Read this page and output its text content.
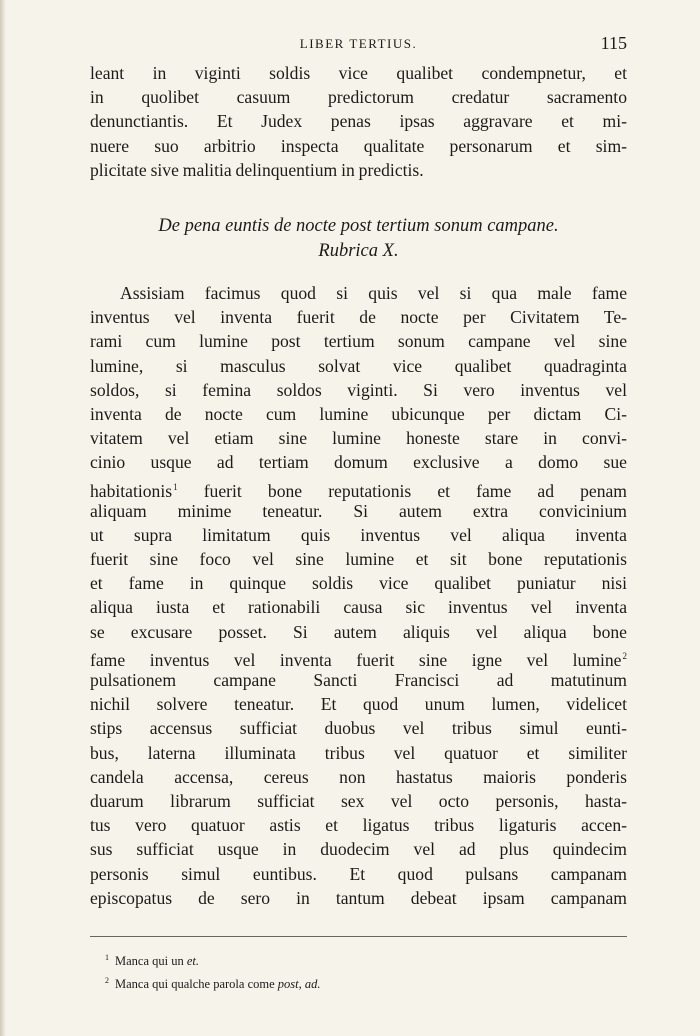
LIBER TERTIUS.	115
leant in viginti soldis vice qualibet condempnetur, et
in quolibet casuum predictorum credatur sacramento
denunctiantis. Et Judex penas ipsas aggravare et mi-
nuere suo arbitrio inspecta qualitate personarum et sim-
plicitate sive malitia delinquentium in predictis.
De pena euntis de nocte post tertium sonum campane.
Rubrica X.
Assisiam facimus quod si quis vel si qua male fame
inventus vel inventa fuerit de nocte per Civitatem Te-
rami cum lumine post tertium sonum campane vel sine
lumine, si masculus solvat vice qualibet quadraginta
soldos, si femina soldos viginti. Si vero inventus vel
inventa de nocte cum lumine ubicunque per dictam Ci-
vitatem vel etiam sine lumine honeste stare in convi-
cinio usque ad tertiam domum exclusive a domo sue
habitationis$^1$ fuerit bone reputationis et fame ad penam
aliquam minime teneatur. Si autem extra convicinium
ut supra limitatum quis inventus vel aliqua inventa
fuerit sine foco vel sine lumine et sit bone reputationis
et fame in quinque soldis vice qualibet puniatur nisi
aliqua iusta et rationabili causa sic inventus vel inventa
se excusare posset. Si autem aliquis vel aliqua bone
fame inventus vel inventa fuerit sine igne vel lumine$^2$
pulsationem campane Sancti Francisci ad matutinum
nichil solvere teneatur. Et quod unum lumen, videlicet
stips accensus sufficiat duobus vel tribus simul eunti-
bus, laterna illuminata tribus vel quatuor et similiter
candela accensa, cereus non hastatus maioris ponderis
duarum librarum sufficiat sex vel octo personis, hasta-
tus vero quatuor astis et ligatus tribus ligaturis accen-
sus sufficiat usque in duodecim vel ad plus quindecim
personis simul euntibus. Et quod pulsans campanam
episcopatus de sero in tantum debeat ipsam campanam
$^1$ Manca qui un et.
$^2$ Manca qui qualche parola come post, ad.
